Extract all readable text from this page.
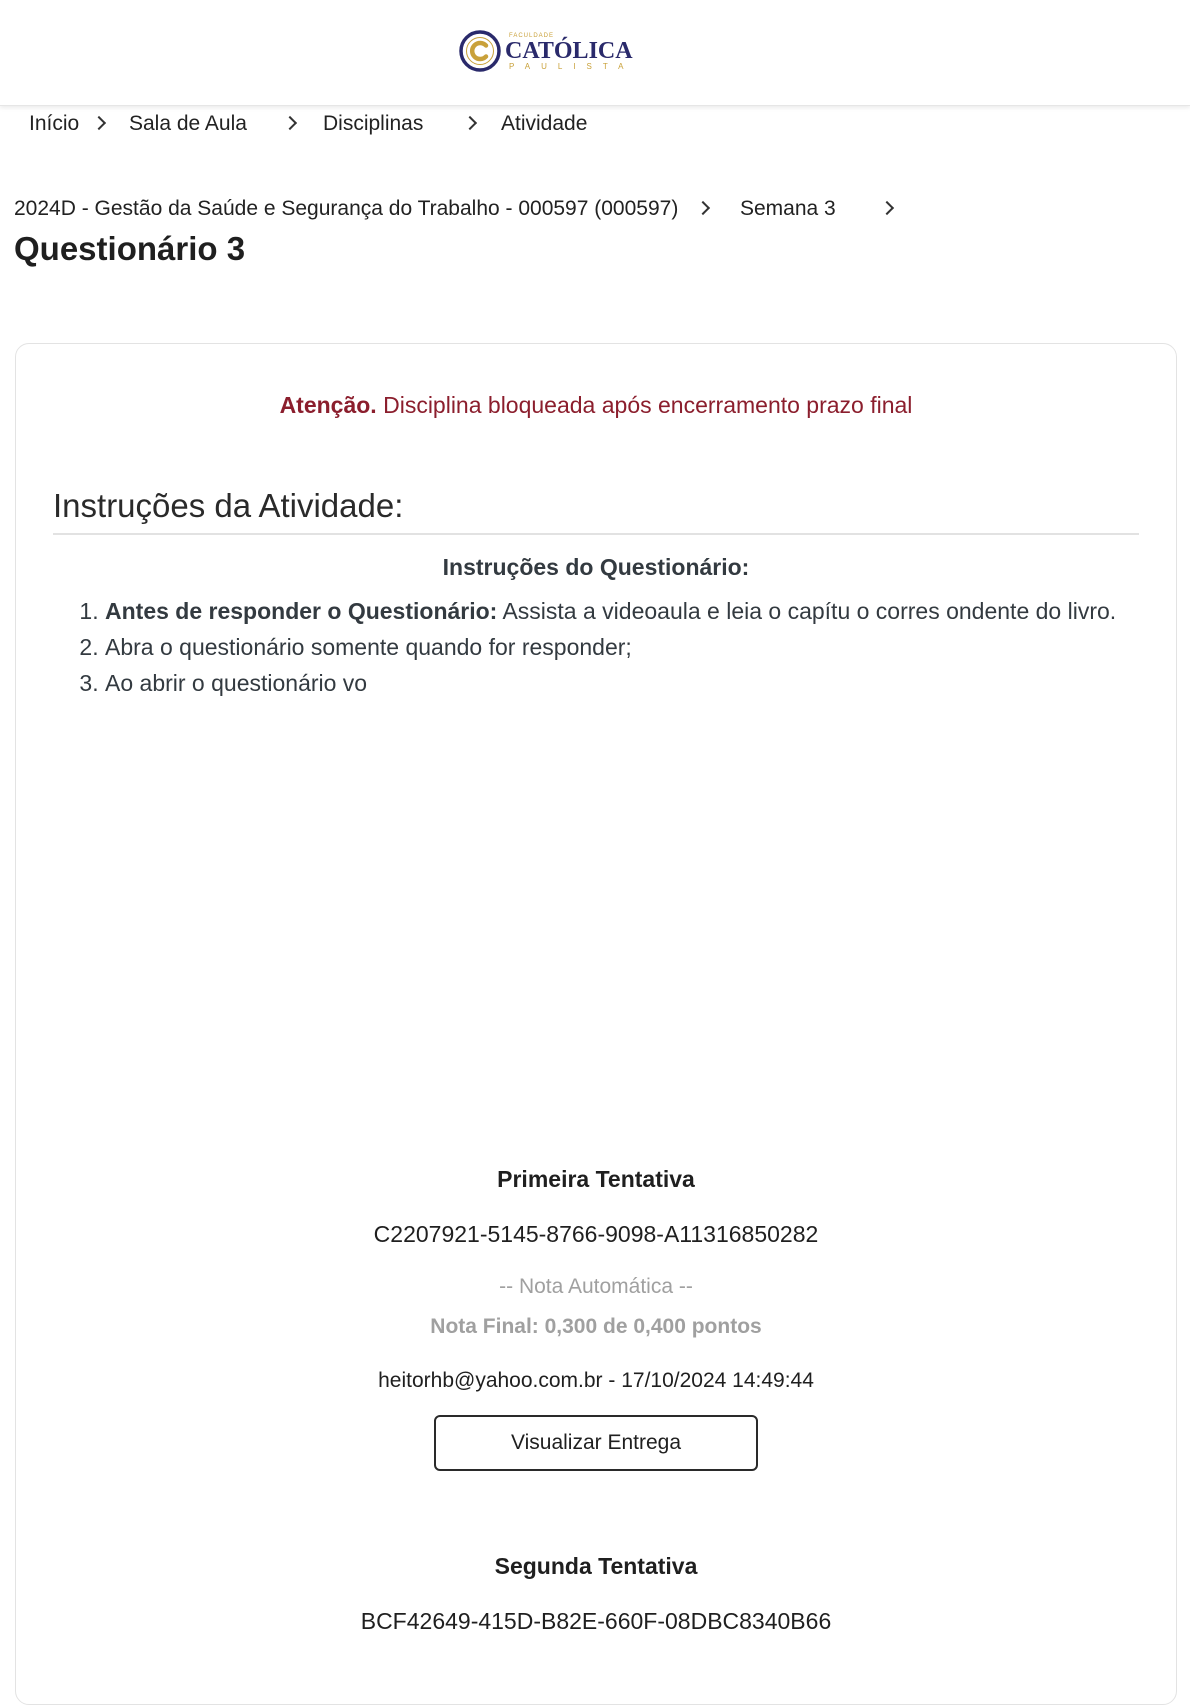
FACULDADE
CATÓLICA
PAULISTA
Início Sala de Aula	Disciplinas	Atividade
2024D - Gestão da Saúde e Segurança do Trabalho - 000597 (000597)	Semana 3
Questionário 3
Atenção. Disciplina bloqueada após encerramento prazo final
Instruções da Atividade:
Instruções do Questionário:
1. Antes de responder o Questionário: Assista a videoaula e leia o capítu o corres ondente do livro.
2. Abra o questionário somente quando for responder;
3. Ao abrir o questionário vo
Primeira Tentativa
C2207921-5145-8766-9098-A11316850282
-- Nota Automática --
Nota Final: 0,300 de 0,400 pontos
heitorhb@yahoo.com.br - 17/10/2024 14:49:44
Visualizar Entrega
Segunda Tentativa
BCF42649-415D-B82E-660F-08DBC8340B66
